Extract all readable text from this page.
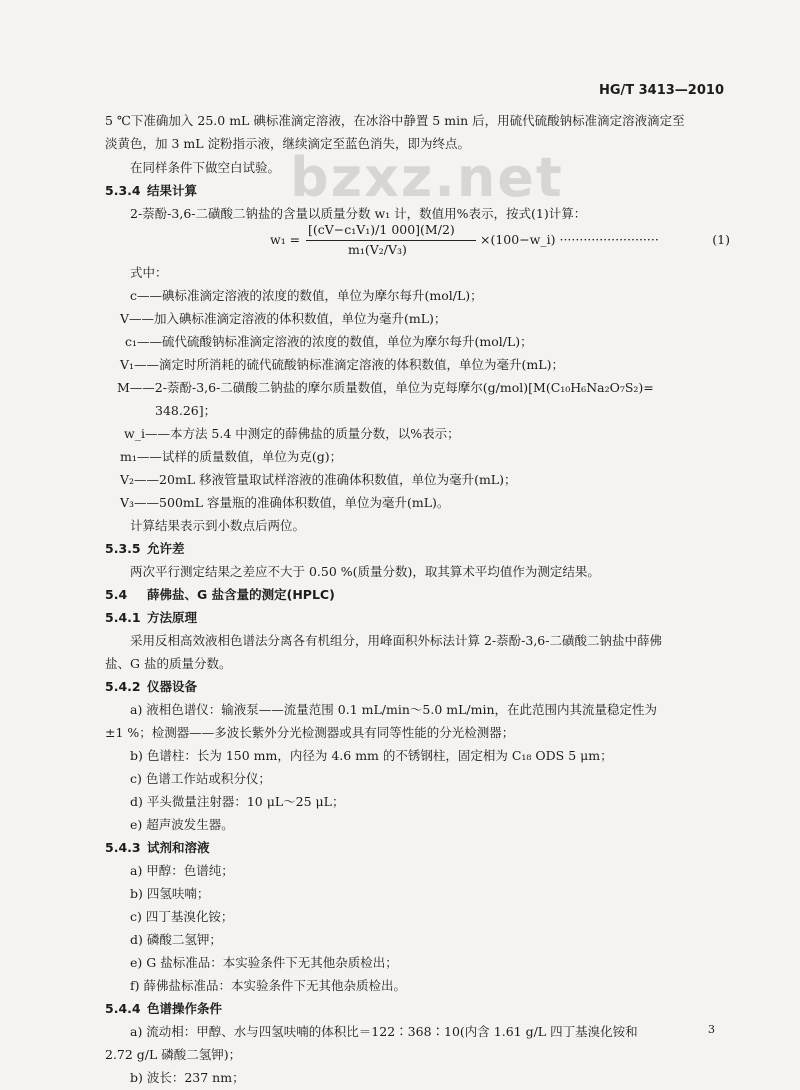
HG/T 3413—2010
bzxz.net
5 ℃下准确加入 25.0 mL 碘标准滴定溶液，在冰浴中静置 5 min 后，用硫代硫酸钠标准滴定溶液滴定至
淡黄色，加 3 mL 淀粉指示液，继续滴定至蓝色消失，即为终点。
在同样条件下做空白试验。
5.3.4 结果计算
2-萘酚-3,6-二磺酸二钠盐的含量以质量分数 w₁ 计，数值用%表示，按式(1)计算：
w₁ =
[(cV−c₁V₁)/1 000](M/2)
m₁(V₂/V₃)
×(100−w_i) ·························	(1)
式中：
c——碘标准滴定溶液的浓度的数值，单位为摩尔每升(mol/L)；
V——加入碘标准滴定溶液的体积数值，单位为毫升(mL)；
c₁——硫代硫酸钠标准滴定溶液的浓度的数值，单位为摩尔每升(mol/L)；
V₁——滴定时所消耗的硫代硫酸钠标准滴定溶液的体积数值，单位为毫升(mL)；
M——2-萘酚-3,6-二磺酸二钠盐的摩尔质量数值，单位为克每摩尔(g/mol)[M(C₁₀H₆Na₂O₇S₂)=
348.26]；
w_i——本方法 5.4 中测定的薛佛盐的质量分数，以%表示；
m₁——试样的质量数值，单位为克(g)；
V₂——20mL 移液管量取试样溶液的准确体积数值，单位为毫升(mL)；
V₃——500mL 容量瓶的准确体积数值，单位为毫升(mL)。
计算结果表示到小数点后两位。
5.3.5 允许差
两次平行测定结果之差应不大于 0.50 %(质量分数)，取其算术平均值作为测定结果。
5.4 薛佛盐、G 盐含量的测定(HPLC)
5.4.1 方法原理
采用反相高效液相色谱法分离各有机组分，用峰面积外标法计算 2-萘酚-3,6-二磺酸二钠盐中薛佛
盐、G 盐的质量分数。
5.4.2 仪器设备
a) 液相色谱仪：输液泵——流量范围 0.1 mL/min～5.0 mL/min，在此范围内其流量稳定性为
±1 %；检测器——多波长紫外分光检测器或具有同等性能的分光检测器；
b) 色谱柱：长为 150 mm，内径为 4.6 mm 的不锈钢柱，固定相为 C₁₈ ODS 5 μm；
c) 色谱工作站或积分仪；
d) 平头微量注射器：10 μL～25 μL；
e) 超声波发生器。
5.4.3 试剂和溶液
a) 甲醇：色谱纯；
b) 四氢呋喃；
c) 四丁基溴化铵；
d) 磷酸二氢钾；
e) G 盐标准品：本实验条件下无其他杂质检出；
f) 薛佛盐标准品：本实验条件下无其他杂质检出。
5.4.4 色谱操作条件
a) 流动相：甲醇、水与四氢呋喃的体积比＝122∶368∶10(内含 1.61 g/L 四丁基溴化铵和
2.72 g/L 磷酸二氢钾)；
b) 波长：237 nm；
3
